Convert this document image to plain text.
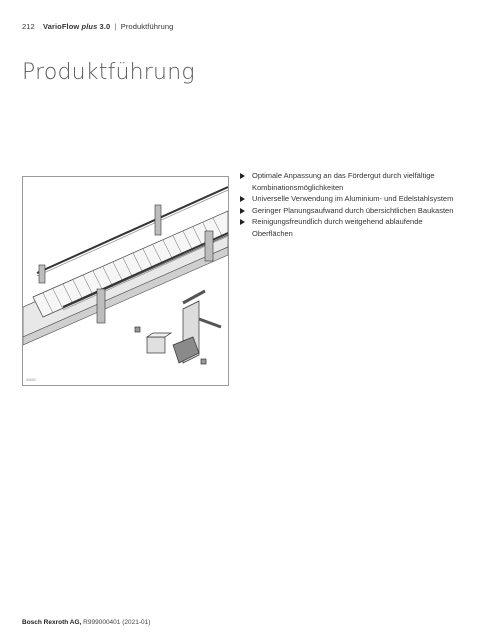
212 VarioFlow plus 3.0 | Produktführung
Produktführung
00000
Optimale Anpassung an das Fördergut durch vielfältige Kombinationsmöglichkeiten
Universelle Verwendung im Aluminium- und Edelstahlsystem
Geringer Planungsaufwand durch übersichtlichen Baukasten
Reinigungsfreundlich durch weitgehend ablaufende Oberflächen
Bosch Rexroth AG, R999000401 (2021-01)
